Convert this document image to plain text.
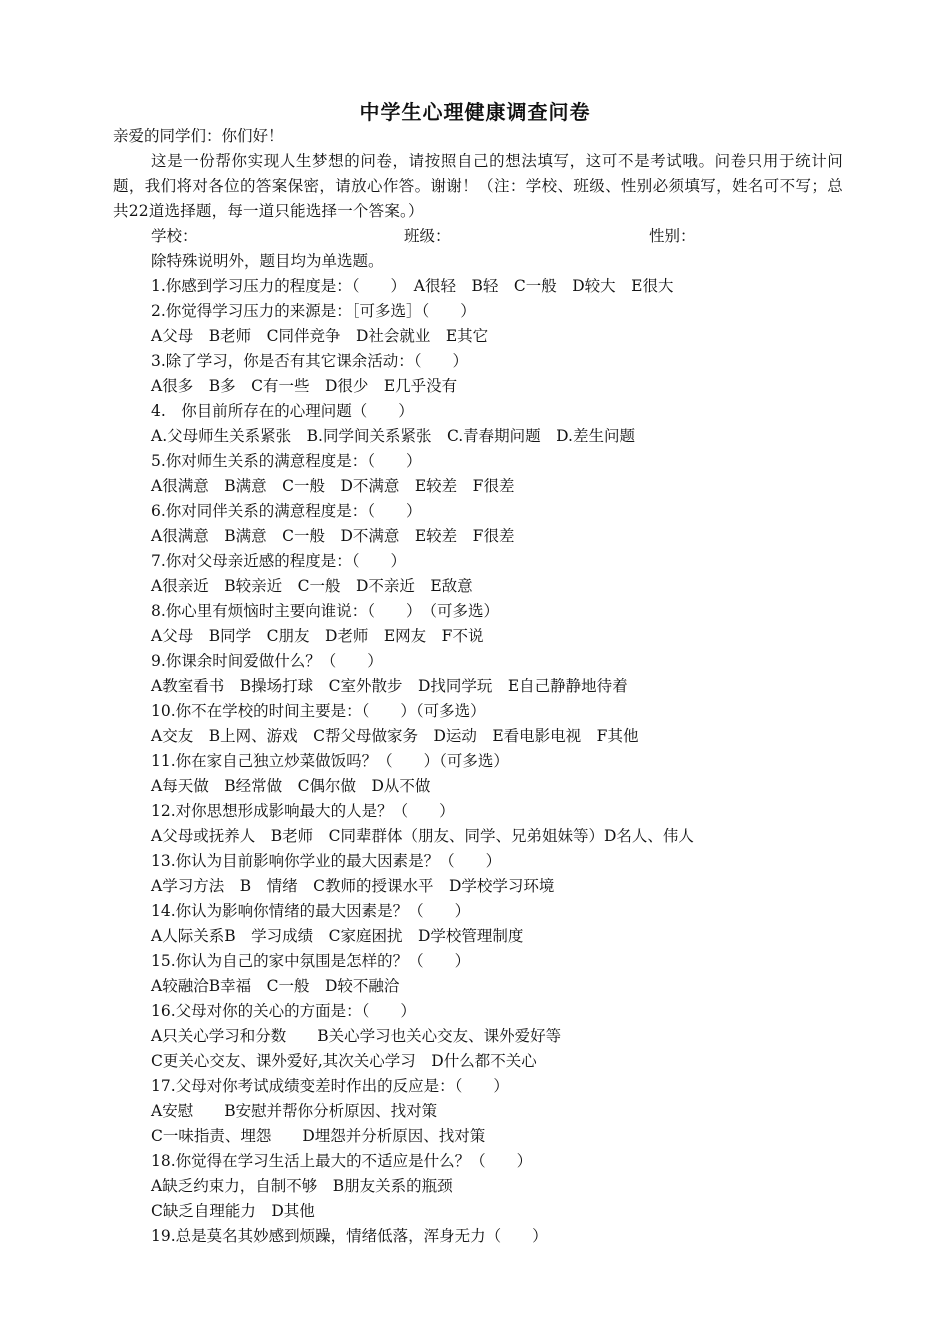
中学生心理健康调查问卷
亲爱的同学们：你们好！
这是一份帮你实现人生梦想的问卷，请按照自己的想法填写，这可不是考试哦。问卷只用于统计问题，我们将对各位的答案保密，请放心作答。谢谢！（注：学校、班级、性别必须填写，姓名可不写；总共22道选择题，每一道只能选择一个答案。）
学校：	班级：	性别：
除特殊说明外，题目均为单选题。
1.你感到学习压力的程度是：（　　）　A很轻　B轻　C一般　D较大　E很大
2.你觉得学习压力的来源是：［可多选］（　　）
A父母　B老师　C同伴竞争　D社会就业　E其它
3.除了学习，你是否有其它课余活动：（　　）
A很多　B多　C有一些　D很少　E几乎没有
4.　你目前所存在的心理问题（　　）
A.父母师生关系紧张　B.同学间关系紧张　C.青春期问题　D.差生问题
5.你对师生关系的满意程度是：（　　）
A很满意　B满意　C一般　D不满意　E较差　F很差
6.你对同伴关系的满意程度是：（　　）
A很满意　B满意　C一般　D不满意　E较差　F很差
7.你对父母亲近感的程度是：（　　）
A很亲近　B较亲近　C一般　D不亲近　E敌意
8.你心里有烦恼时主要向谁说：（　　）　（可多选）
A父母　B同学　C朋友　D老师　E网友　F不说
9.你课余时间爱做什么？（　　）
A教室看书　B操场打球　C室外散步　D找同学玩　E自己静静地待着
10.你不在学校的时间主要是：（　　）（可多选）
A交友　B上网、游戏　C帮父母做家务　D运动　E看电影电视　F其他
11.你在家自己独立炒菜做饭吗？（　　）（可多选）
A每天做　B经常做　C偶尔做　D从不做
12.对你思想形成影响最大的人是？（　　）
A父母或抚养人　B老师　C同辈群体（朋友、同学、兄弟姐妹等）D名人、伟人
13.你认为目前影响你学业的最大因素是？（　　）
A学习方法　B　情绪　C教师的授课水平　D学校学习环境
14.你认为影响你情绪的最大因素是？（　　）
A人际关系B　学习成绩　C家庭困扰　D学校管理制度
15.你认为自己的家中氛围是怎样的？（　　）
A较融洽B幸福　C一般　D较不融洽
16.父母对你的关心的方面是：（　　）
A只关心学习和分数　　B关心学习也关心交友、课外爱好等
C更关心交友、课外爱好,其次关心学习　D什么都不关心
17.父母对你考试成绩变差时作出的反应是：（　　）
A安慰　　B安慰并帮你分析原因、找对策
C一味指责、埋怨　　D埋怨并分析原因、找对策
18.你觉得在学习生活上最大的不适应是什么？（　　）
A缺乏约束力，自制不够　B朋友关系的瓶颈
C缺乏自理能力　D其他
19.总是莫名其妙感到烦躁，情绪低落，浑身无力（　　）
